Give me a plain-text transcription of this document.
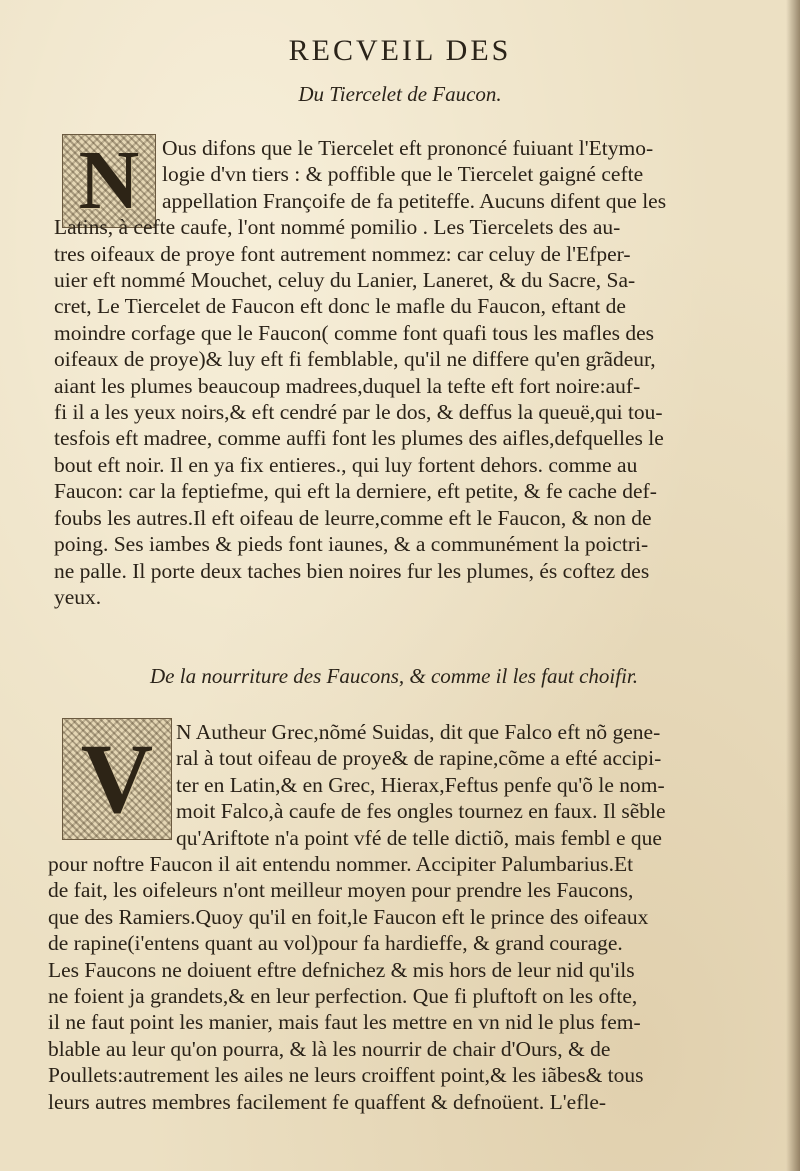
RECVEIL DES
Du Tiercelet de Faucon.
N	Ous difons que le Tiercelet eft prononcé fuiuant l'Etymo-
logie d'vn tiers : & poffible que le Tiercelet gaigné cefte
appellation Françoife de fa petiteffe. Aucuns difent que les
Latins, à cefte caufe, l'ont nommé pomilio . Les Tiercelets des au-
tres oifeaux de proye font autrement nommez: car celuy de l'Efper-
uier eft nommé Mouchet, celuy du Lanier, Laneret, & du Sacre, Sa-
cret, Le Tiercelet de Faucon eft donc le mafle du Faucon, eftant de
moindre corfage que le Faucon( comme font quafi tous les mafles des
oifeaux de proye)& luy eft fi femblable, qu'il ne differe qu'en grãdeur,
aiant les plumes beaucoup madrees,duquel la tefte eft fort noire:auf-
fi il a les yeux noirs,& eft cendré par le dos, & deffus la queuë,qui tou-
tesfois eft madree, comme auffi font les plumes des aifles,defquelles le
bout eft noir. Il en ya fix entieres., qui luy fortent dehors. comme au
Faucon: car la feptiefme, qui eft la derniere, eft petite, & fe cache def-
foubs les autres.Il eft oifeau de leurre,comme eft le Faucon, & non de
poing. Ses iambes & pieds font iaunes, & a communément la poictri-
ne palle. Il porte deux taches bien noires fur les plumes, és coftez des
yeux.
De la nourriture des Faucons, & comme il les faut choifir.
V	N Autheur Grec,nõmé Suidas, dit que Falco eft nõ gene-
ral à tout oifeau de proye& de rapine,cõme a efté accipi-
ter en Latin,& en Grec, Hierax,Feftus penfe qu'õ le nom-
moit Falco,à caufe de fes ongles tournez en faux. Il sẽble
qu'Ariftote n'a point vfé de telle dictiõ, mais fembl e que
pour noftre Faucon il ait entendu nommer. Accipiter Palumbarius.Et
de fait, les oifeleurs n'ont meilleur moyen pour prendre les Faucons,
que des Ramiers.Quoy qu'il en foit,le Faucon eft le prince des oifeaux
de rapine(i'entens quant au vol)pour fa hardieffe, & grand courage.
Les Faucons ne doiuent eftre defnichez & mis hors de leur nid qu'ils
ne foient ja grandets,& en leur perfection. Que fi pluftoft on les ofte,
il ne faut point les manier, mais faut les mettre en vn nid le plus fem-
blable au leur qu'on pourra, & là les nourrir de chair d'Ours, & de
Poullets:autrement les ailes ne leurs croiffent point,& les iãbes& tous
leurs autres membres facilement fe quaffent & defnoüent. L'efle-
